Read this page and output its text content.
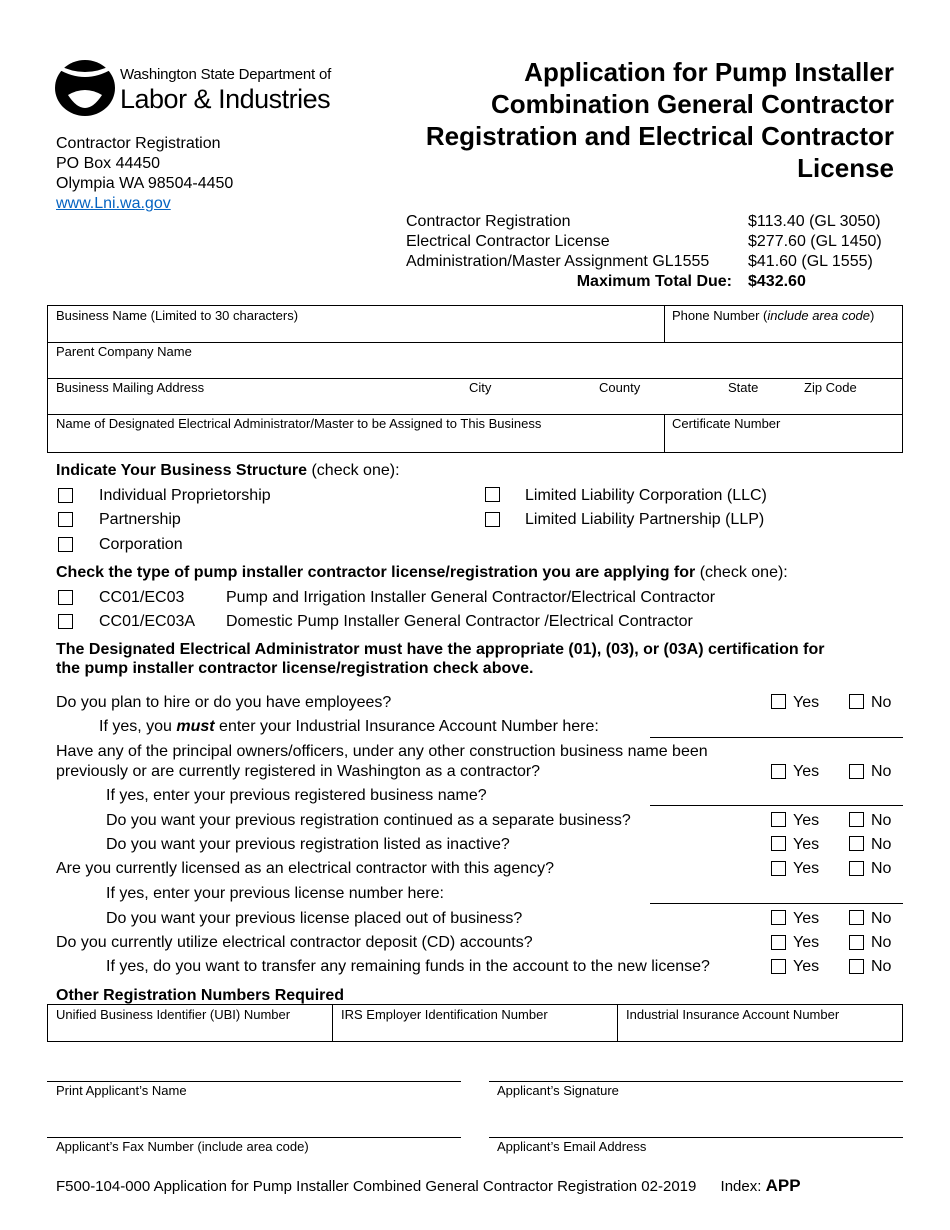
Washington State Department of
Labor & Industries
Contractor Registration
PO Box 44450
Olympia WA 98504-4450
www.Lni.wa.gov
Application for Pump Installer Combination General Contractor Registration and Electrical Contractor License
Contractor Registration	$113.40 (GL 3050)
Electrical Contractor License	$277.60 (GL 1450)
Administration/Master Assignment GL1555 $41.60 (GL 1555)
Maximum Total Due: $432.60
Business Name (Limited to 30 characters)	Phone Number (include area code)
Parent Company Name
Business Mailing Address	City	County	State	Zip Code
Name of Designated Electrical Administrator/Master to be Assigned to This Business	Certificate Number
Indicate Your Business Structure (check one):
Individual Proprietorship
Partnership
Corporation
Limited Liability Corporation (LLC)
Limited Liability Partnership (LLP)
Check the type of pump installer contractor license/registration you are applying for (check one):
CC01/EC03	Pump and Irrigation Installer General Contractor/Electrical Contractor
CC01/EC03A Domestic Pump Installer General Contractor /Electrical Contractor
The Designated Electrical Administrator must have the appropriate (01), (03), or (03A) certification for
the pump installer contractor license/registration check above.
Do you plan to hire or do you have employees?	Yes	No
If yes, you must enter your Industrial Insurance Account Number here:
Have any of the principal owners/officers, under any other construction business name been
previously or are currently registered in Washington as a contractor?	Yes	No
If yes, enter your previous registered business name?
Do you want your previous registration continued as a separate business?	Yes	No
Do you want your previous registration listed as inactive?	Yes	No
Are you currently licensed as an electrical contractor with this agency?	Yes	No
If yes, enter your previous license number here:
Do you want your previous license placed out of business?	Yes	No
Do you currently utilize electrical contractor deposit (CD) accounts?	Yes	No
If yes, do you want to transfer any remaining funds in the account to the new license?	Yes	No
Other Registration Numbers Required
Unified Business Identifier (UBI) Number	IRS Employer Identification Number	Industrial Insurance Account Number
Print Applicant’s Name	Applicant’s Signature
Applicant’s Fax Number (include area code)	Applicant’s Email Address
F500-104-000 Application for Pump Installer Combined General Contractor Registration 02-2019 Index: APP
